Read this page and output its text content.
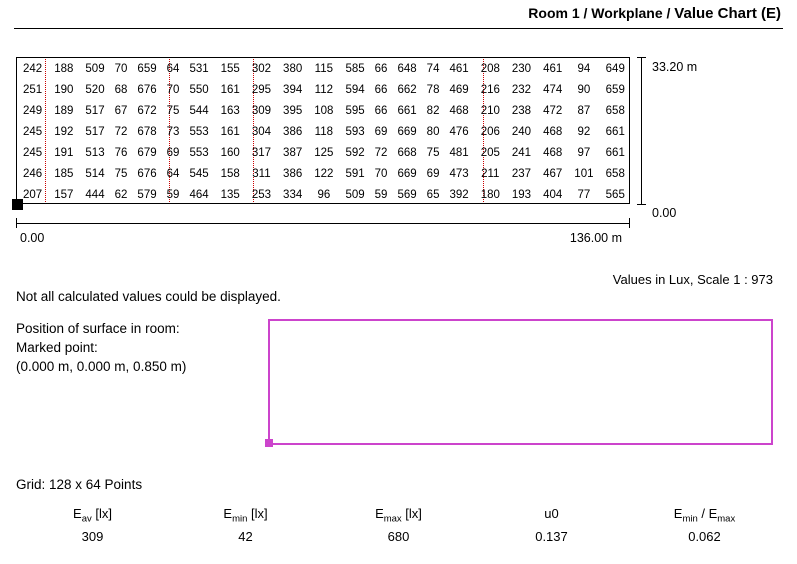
Room 1 / Workplane / Value Chart (E)
242	188	509	70	659	64	531	155	302	380	115	585	66	648	74	461	208	230	461	94	649
251	190	520	68	676	70	550	161	295	394	112	594	66	662	78	469	216	232	474	90	659
249	189	517	67	672	75	544	163	309	395	108	595	66	661	82	468	210	238	472	87	658
245	192	517	72	678	73	553	161	304	386	118	593	69	669	80	476	206	240	468	92	661
245	191	513	76	679	69	553	160	317	387	125	592	72	668	75	481	205	241	468	97	661
246	185	514	75	676	64	545	158	311	386	122	591	70	669	69	473	211	237	467	101	658
207	157	444	62	579	59	464	135	253	334	96	509	59	569	65	392	180	193	404	77	565
33.20 m
0.00
0.00	136.00 m
Values in Lux, Scale 1 : 973
Not all calculated values could be displayed.
Position of surface in room:
Marked point:
(0.000 m, 0.000 m, 0.850 m)
Grid: 128 x 64 Points
$E_{av}$ [lx]	$E_{min}$ [lx]	$E_{max}$ [lx]	u0	$E_{min} / E_{max}$
309	42	680	0.137	0.062
